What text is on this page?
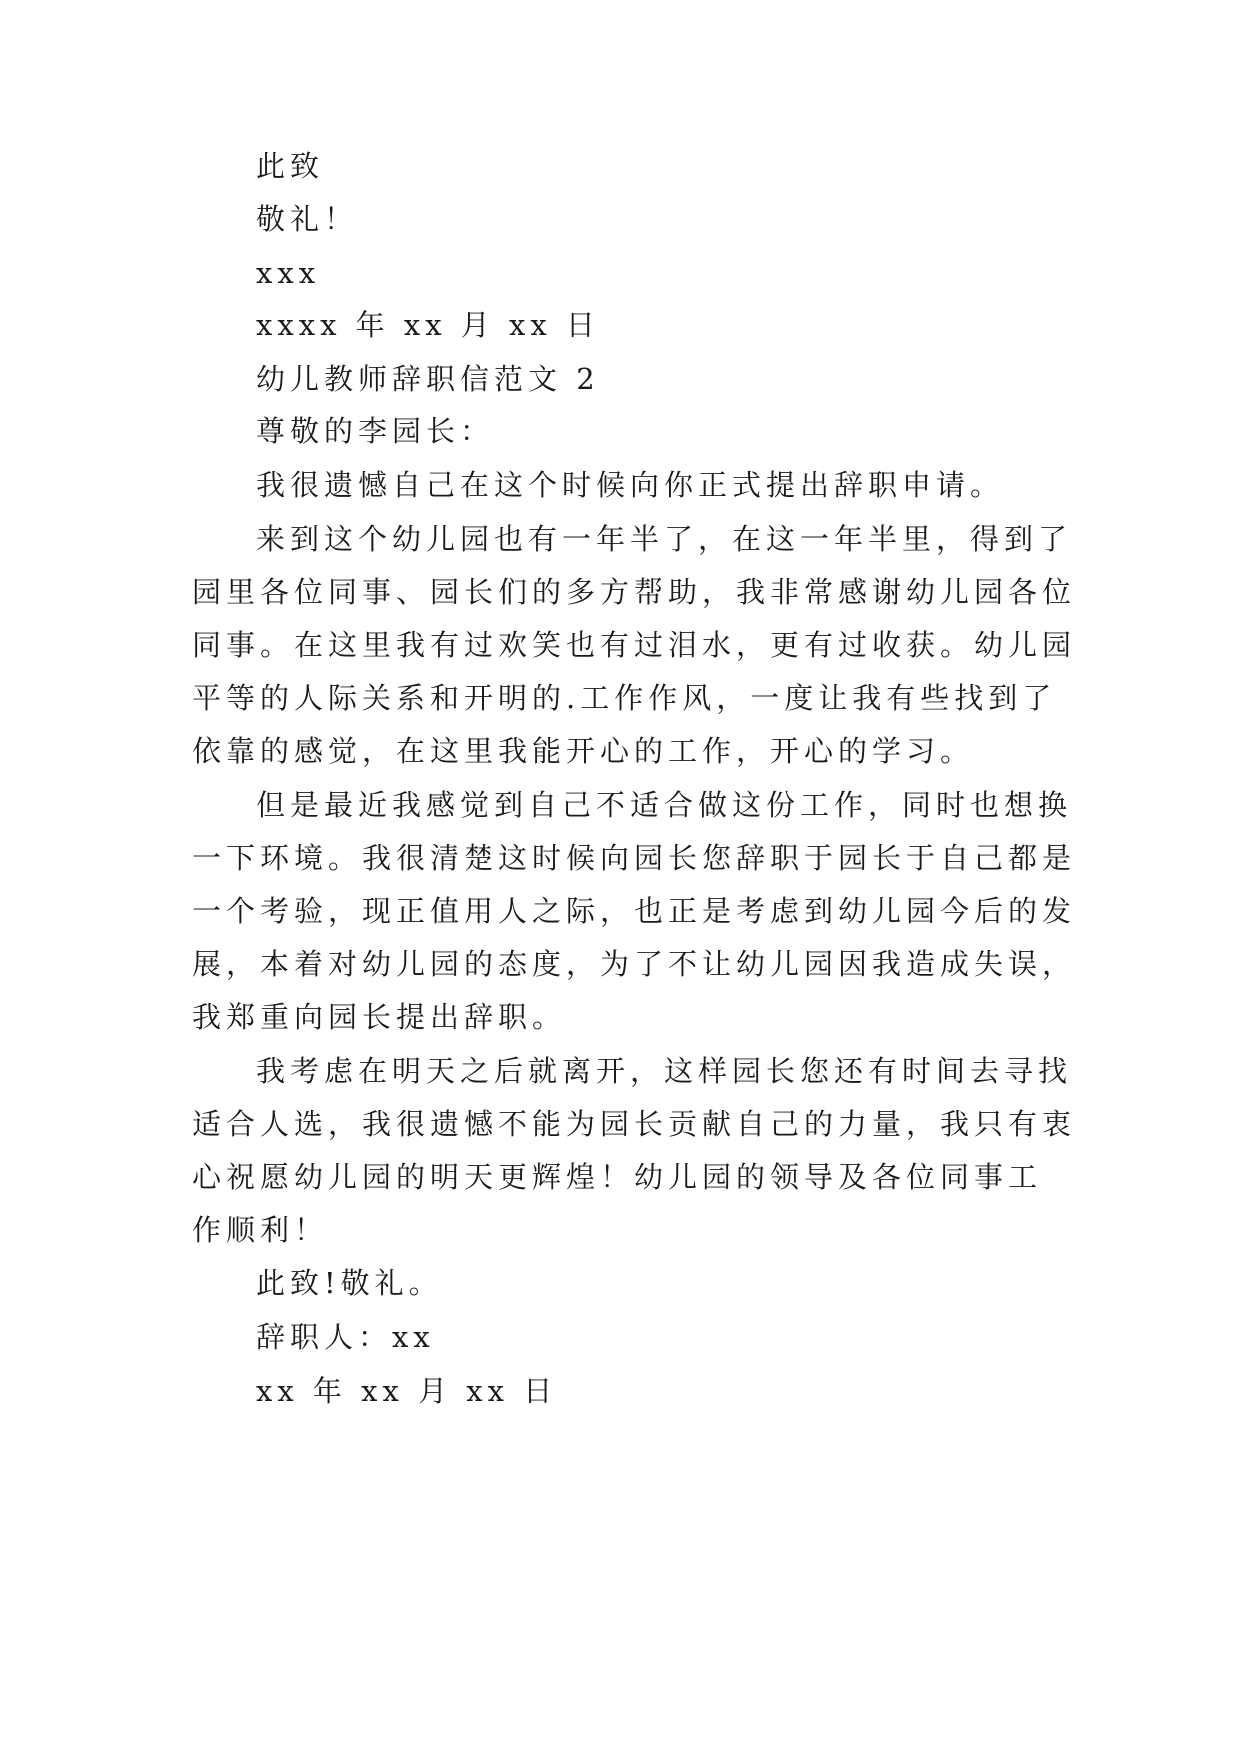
此致
敬礼！
xxx
xxxx 年 xx 月 xx 日
幼儿教师辞职信范文 2
尊敬的李园长：
我很遗憾自己在这个时候向你正式提出辞职申请。
来到这个幼儿园也有一年半了，在这一年半里，得到了
园里各位同事、园长们的多方帮助，我非常感谢幼儿园各位
同事。在这里我有过欢笑也有过泪水，更有过收获。幼儿园
平等的人际关系和开明的.工作作风，一度让我有些找到了
依靠的感觉，在这里我能开心的工作，开心的学习。
但是最近我感觉到自己不适合做这份工作，同时也想换
一下环境。我很清楚这时候向园长您辞职于园长于自己都是
一个考验，现正值用人之际，也正是考虑到幼儿园今后的发
展，本着对幼儿园的态度，为了不让幼儿园因我造成失误，
我郑重向园长提出辞职。
我考虑在明天之后就离开，这样园长您还有时间去寻找
适合人选，我很遗憾不能为园长贡献自己的力量，我只有衷
心祝愿幼儿园的明天更辉煌！幼儿园的领导及各位同事工
作顺利！
此致!敬礼。
辞职人：xx
xx 年 xx 月 xx 日
